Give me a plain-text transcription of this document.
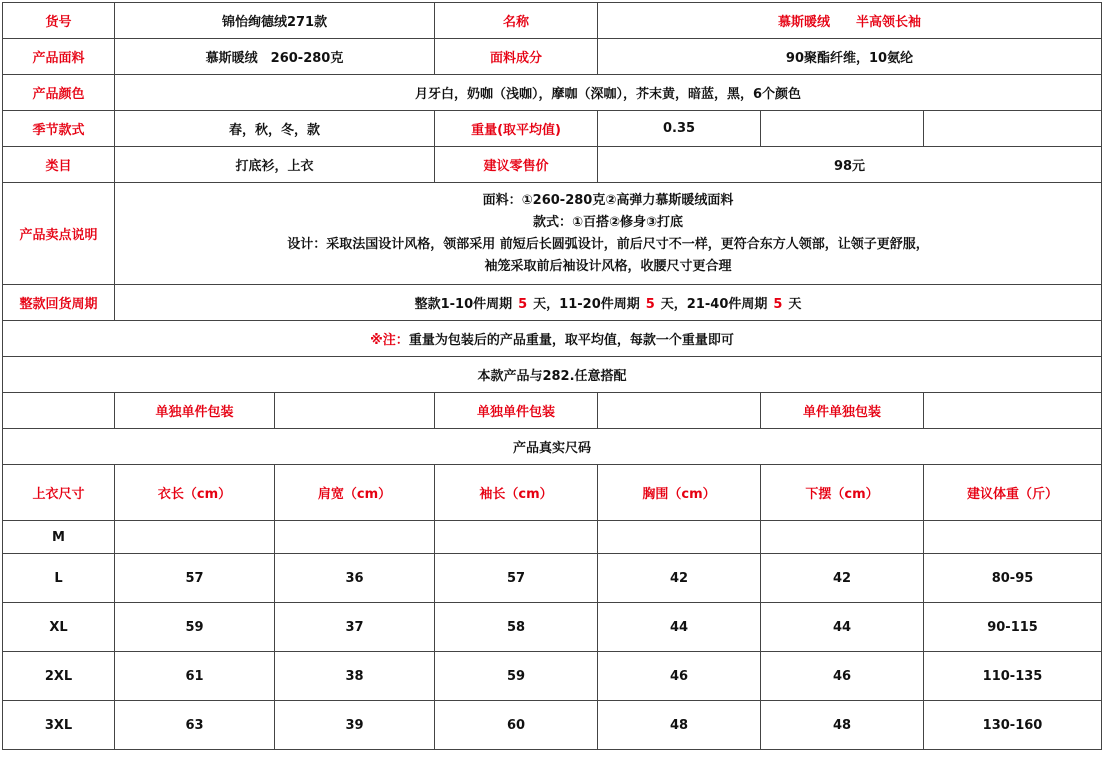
货号	锦怡绚德绒271款		名称	慕斯暖绒　　半高领长袖		
产品面料	慕斯暖绒　260-280克		面料成分	90聚酯纤维，10氨纶		
产品颜色	月牙白，奶咖（浅咖），摩咖（深咖），芥末黄，暗蓝，黑，6个颜色					
季节款式	春，秋，冬，款		重量(取平均值)	0.35		
类目	打底衫，上衣		建议零售价	98元		
产品卖点说明	面料：①260-280克②高弹力慕斯暖绒面料
款式：①百搭②修身③打底
设计：采取法国设计风格，领部采用 前短后长圆弧设计，前后尺寸不一样，更符合东方人领部，让领子更舒服，
袖笼采取前后袖设计风格，收腰尺寸更合理					

整款回货周期	整款1-10件周期 5 天，11-20件周期 5 天，21-40件周期 5 天					
※注：重量为包装后的产品重量，取平均值，每款一个重量即可						
本款产品与282.任意搭配						
	单独单件包装		单独单件包装		单件单独包装	
产品真实尺码						
上衣尺寸	衣长（cm）	肩宽（cm）	袖长（cm）	胸围（cm）	下摆（cm）	建议体重（斤）
M						
L	57	36	57	42	42	80-95
XL	59	37	58	44	44	90-115
2XL	61	38	59	46	46	110-135
3XL	63	39	60	48	48	130-160
